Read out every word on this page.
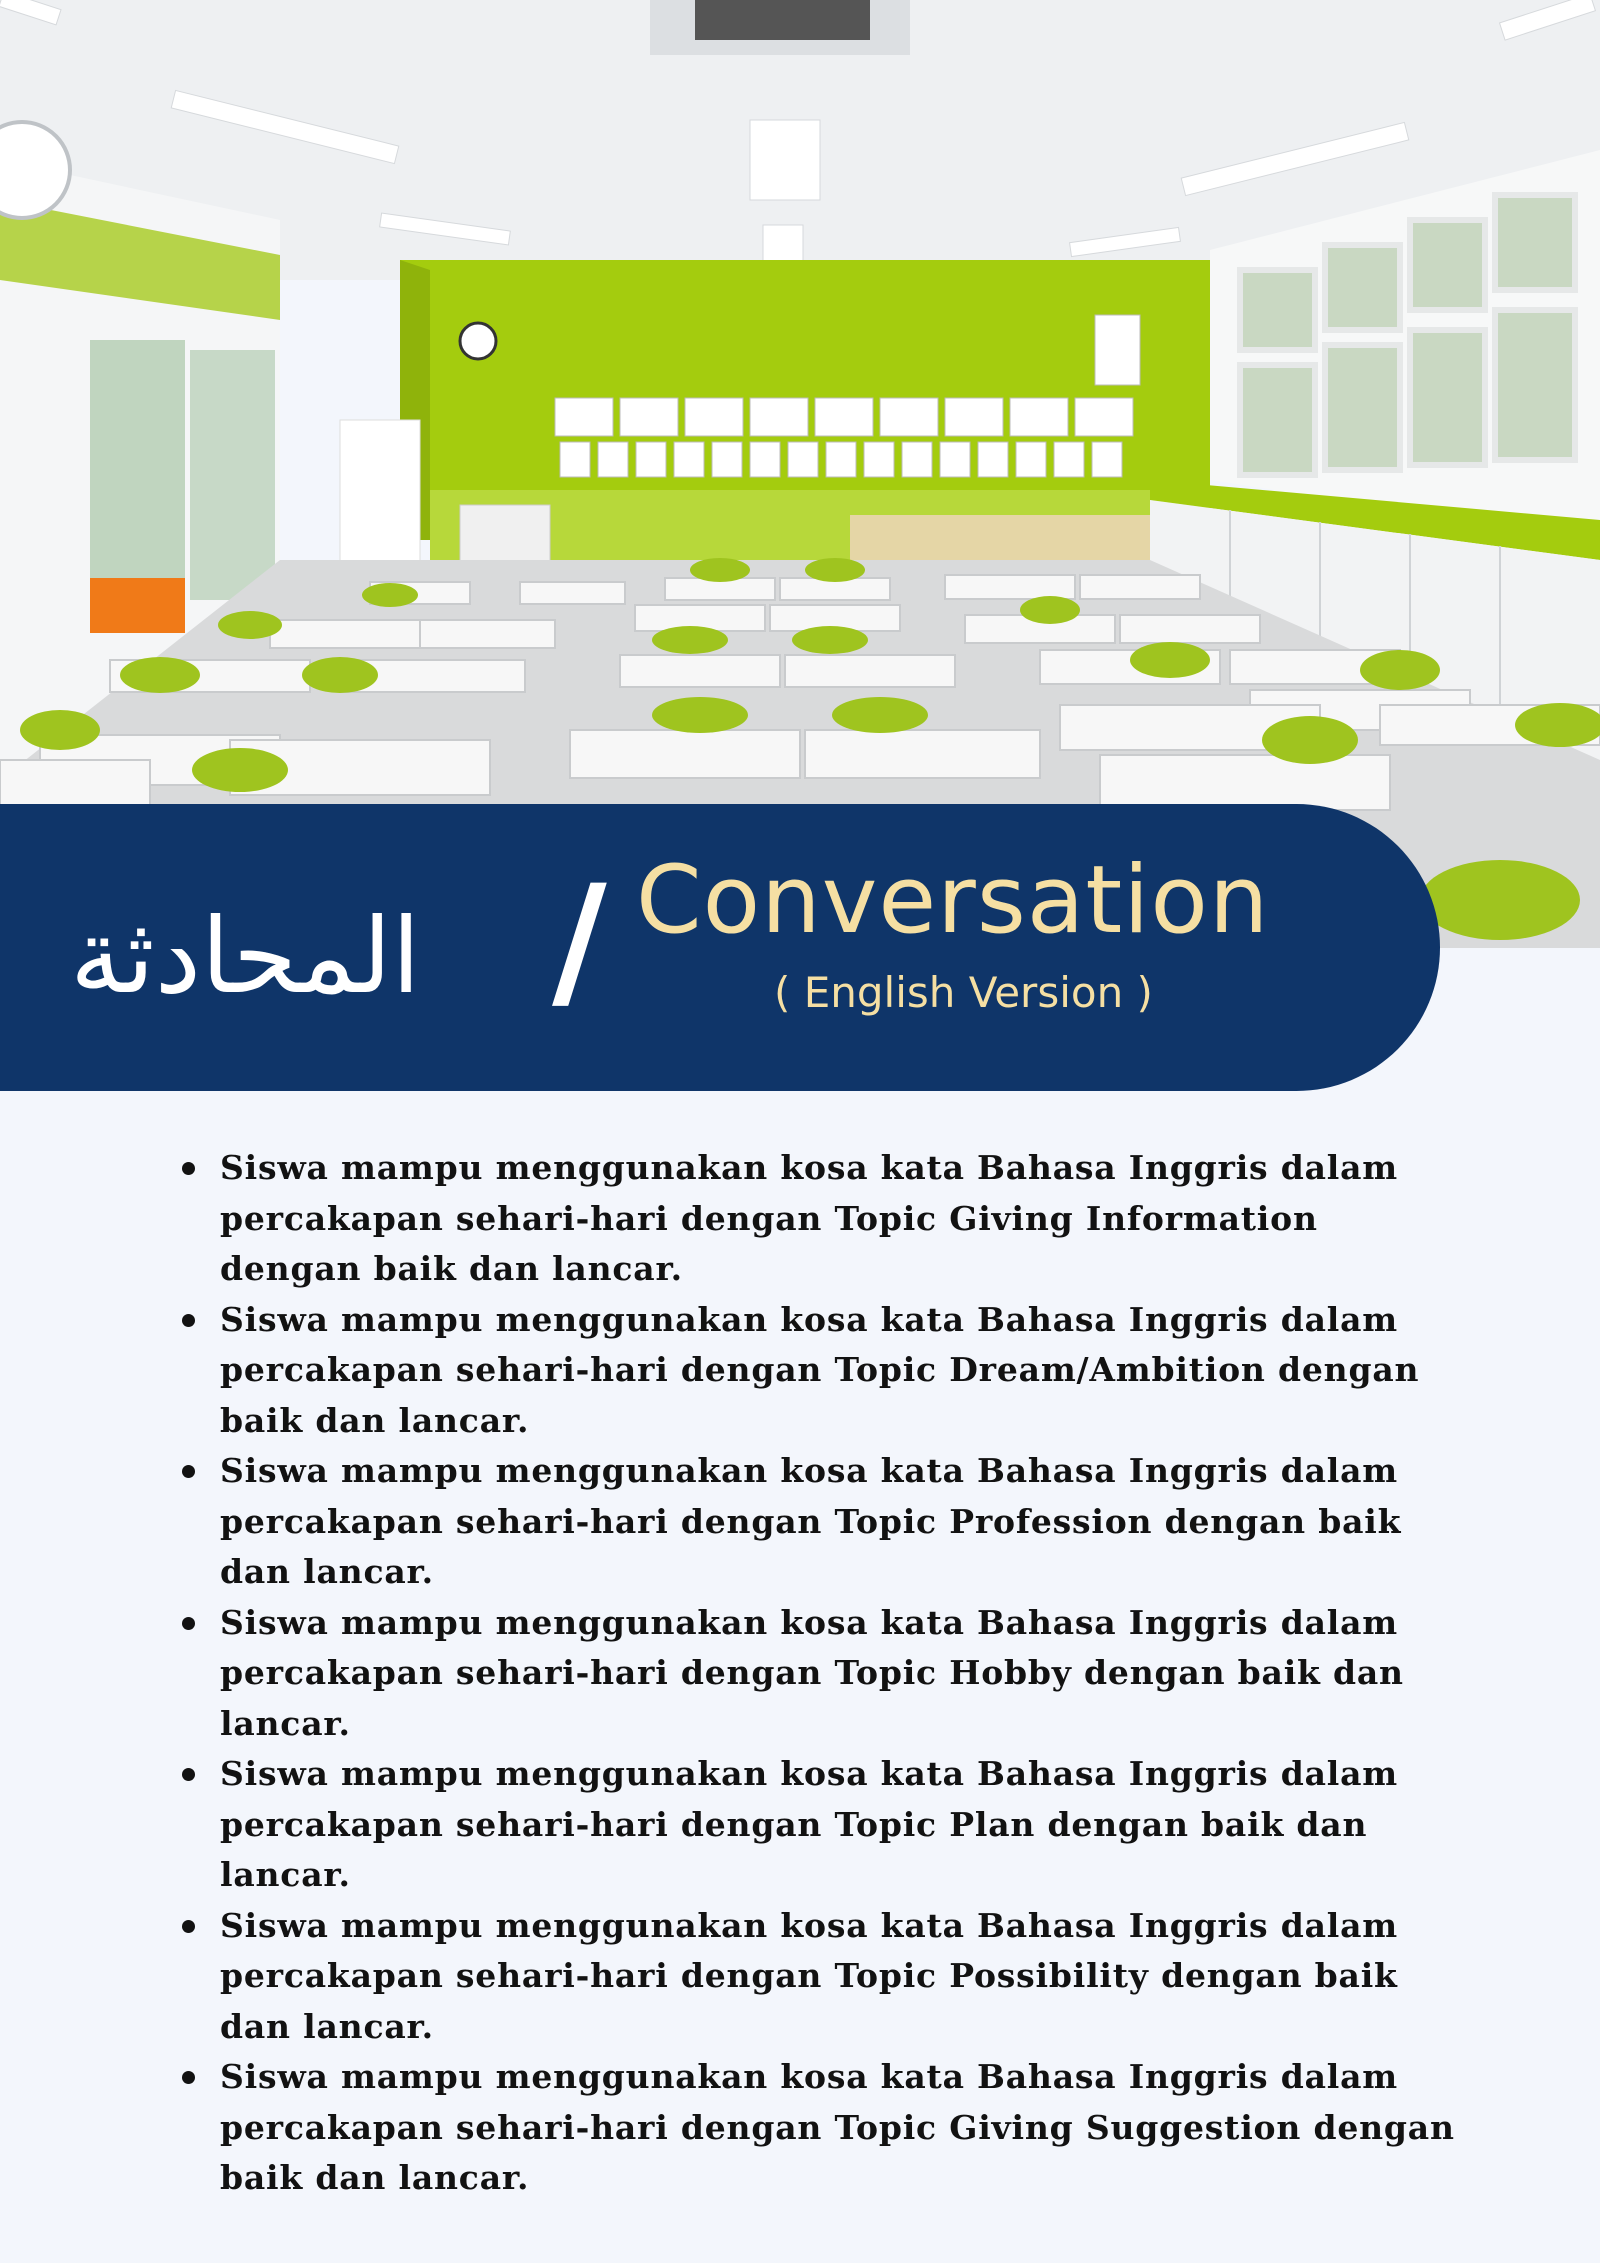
المحادثة / Conversation
( English Version )
Siswa mampu menggunakan kosa kata Bahasa Inggris dalam percakapan sehari-hari dengan Topic Giving Information dengan baik dan lancar.
Siswa mampu menggunakan kosa kata Bahasa Inggris dalam percakapan sehari-hari dengan Topic Dream/Ambition dengan baik dan lancar.
Siswa mampu menggunakan kosa kata Bahasa Inggris dalam percakapan sehari-hari dengan Topic Profession dengan baik dan lancar.
Siswa mampu menggunakan kosa kata Bahasa Inggris dalam percakapan sehari-hari dengan Topic Hobby dengan baik dan lancar.
Siswa mampu menggunakan kosa kata Bahasa Inggris dalam percakapan sehari-hari dengan Topic Plan dengan baik dan lancar.
Siswa mampu menggunakan kosa kata Bahasa Inggris dalam percakapan sehari-hari dengan Topic Possibility dengan baik dan lancar.
Siswa mampu menggunakan kosa kata Bahasa Inggris dalam percakapan sehari-hari dengan Topic Giving Suggestion dengan baik dan lancar.
